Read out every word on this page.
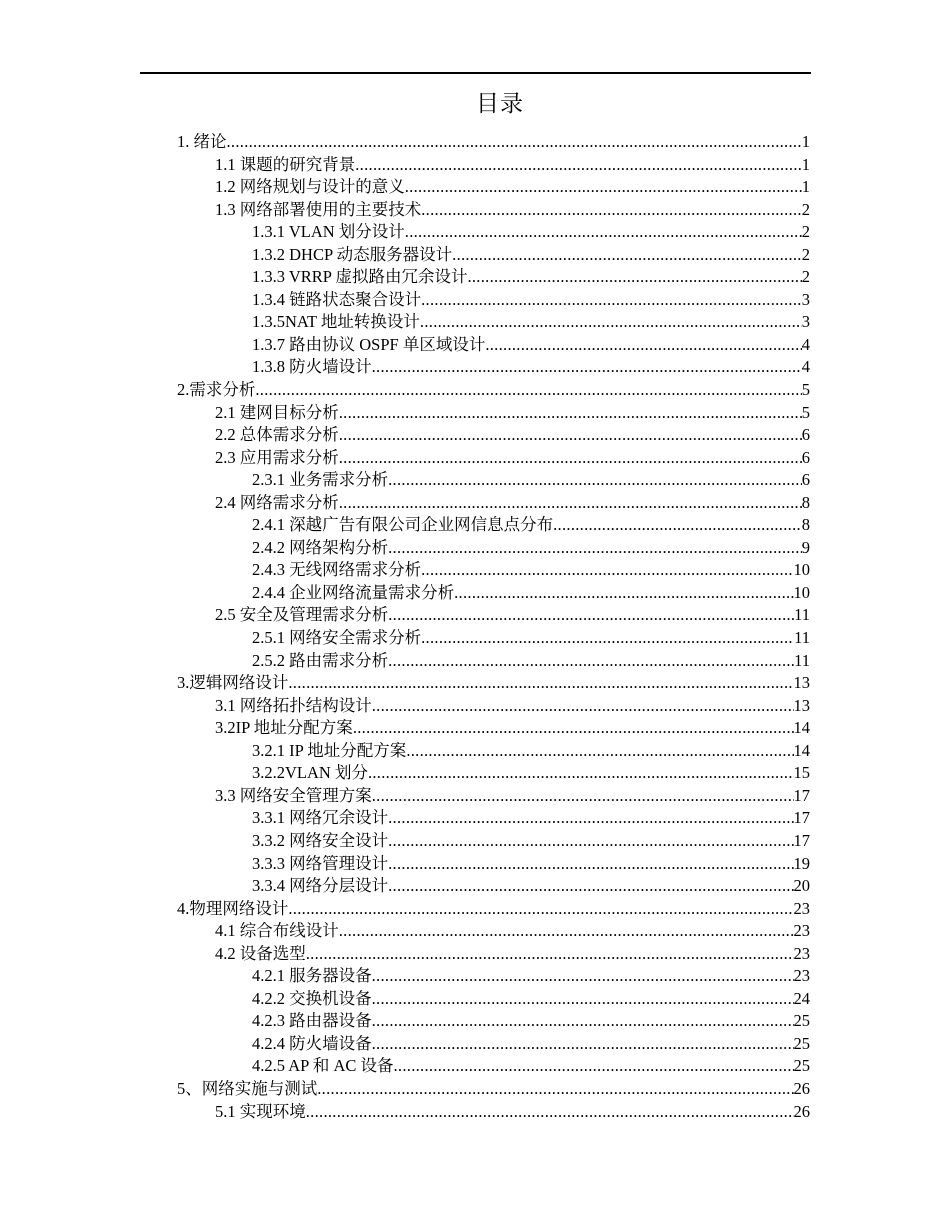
目录
1. 绪论 .....	1
1.1 课题的研究背景 .....	1
1.2 网络规划与设计的意义 .....	1
1.3 网络部署使用的主要技术 .....	2
1.3.1 VLAN 划分设计 .....	2
1.3.2 DHCP 动态服务器设计 .....	2
1.3.3 VRRP 虚拟路由冗余设计 .....	2
1.3.4 链路状态聚合设计 .....	3
1.3.5NAT 地址转换设计 .....	3
1.3.7 路由协议 OSPF 单区域设计 .....	4
1.3.8 防火墙设计 .....	4
2.需求分析 .....	5
2.1 建网目标分析 .....	5
2.2 总体需求分析 .....	6
2.3 应用需求分析 .....	6
2.3.1 业务需求分析 .....	6
2.4 网络需求分析 .....	8
2.4.1 深越广告有限公司企业网信息点分布 .....	8
2.4.2 网络架构分析 .....	9
2.4.3 无线网络需求分析 .....	10
2.4.4 企业网络流量需求分析 .....	10
2.5 安全及管理需求分析 .....	11
2.5.1 网络安全需求分析 .....	11
2.5.2 路由需求分析 .....	11
3.逻辑网络设计 .....	13
3.1 网络拓扑结构设计 .....	13
3.2IP 地址分配方案 .....	14
3.2.1 IP 地址分配方案 .....	14
3.2.2VLAN 划分 .....	15
3.3 网络安全管理方案 .....	17
3.3.1 网络冗余设计 .....	17
3.3.2 网络安全设计 .....	17
3.3.3 网络管理设计 .....	19
3.3.4 网络分层设计 .....	20
4.物理网络设计 .....	23
4.1 综合布线设计 .....	23
4.2 设备选型 .....	23
4.2.1 服务器设备 .....	23
4.2.2 交换机设备 .....	24
4.2.3 路由器设备 .....	25
4.2.4 防火墙设备 .....	25
4.2.5 AP 和 AC 设备 .....	25
5、网络实施与测试 .....	26
5.1 实现环境 .....	26
